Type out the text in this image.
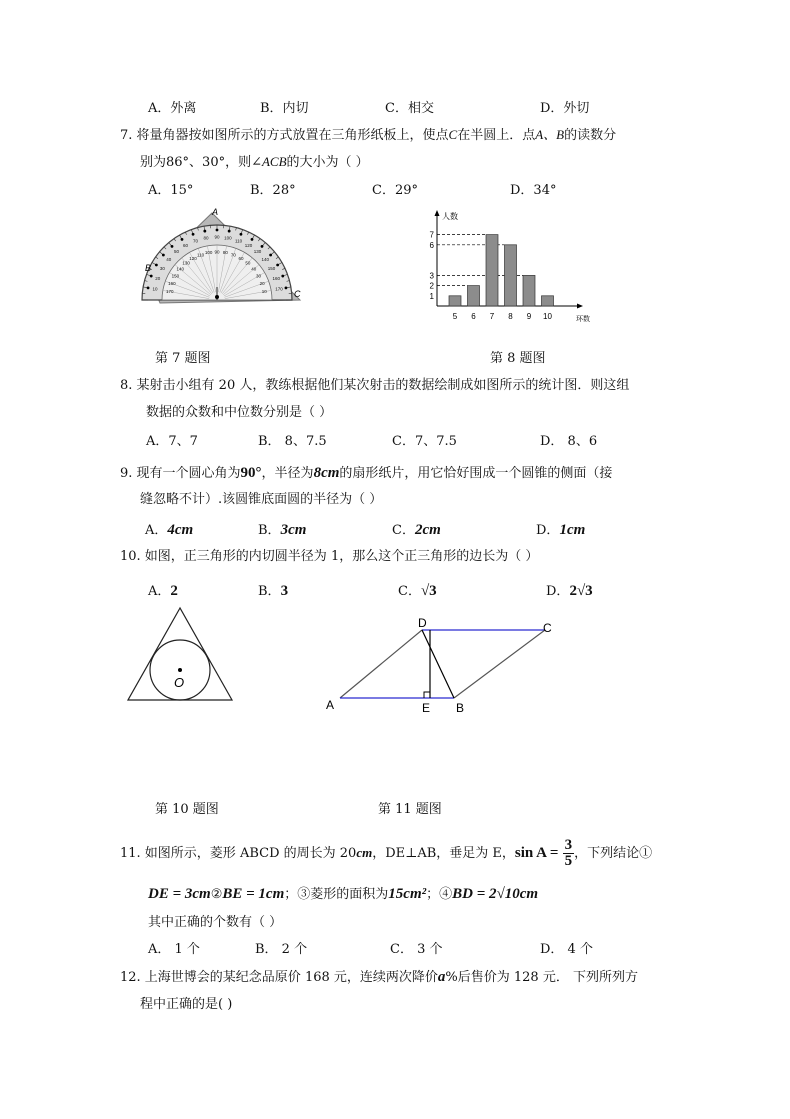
A．外离	B．内切	C．相交	D．外切
7. 将量角器按如图所示的方式放置在三角形纸板上，使点C在半圆上．点A、B的读数分
别为86°、30°，则∠ACB的大小为（ ）
A．15°	B．28°	C．29°	D．34°
10
20
30
40
50
60
70
80 90 100
110
120
130
140
150
160
170
170
160
150
140
130
120
110 100 90 80 70
60
50
40
30
20
10
A
B
C
人数
环数
1
2
3
6
7
5 6 7 8 9 10
第 7 题图	第 8 题图
8. 某射击小组有 20 人，教练根据他们某次射击的数据绘制成如图所示的统计图．则这组
数据的众数和中位数分别是（ ）
A．7、7	B． 8、7.5	C．7、7.5	D． 8、6
9. 现有一个圆心角为90°，半径为8cm的扇形纸片，用它恰好围成一个圆锥的侧面（接
缝忽略不计）.该圆锥底面圆的半径为（ ）
A．4cm	B．3cm	C．2cm	D．1cm
10. 如图，正三角形的内切圆半径为 1，那么这个正三角形的边长为（ ）
A．2	B．3	C．√3	D．2√3
O
A	B
C
D
E
第 10 题图	第 11 题图
11. 如图所示，菱形 ABCD 的周长为 20cm，DE⊥AB，垂足为 E，$\sin A = \frac{3}{5}$ ，下列结论①
DE = 3cm②BE = 1cm；③菱形的面积为15cm²；④BD = 2√10cm
其中正确的个数有（ ）
A． 1 个	B． 2 个	C． 3 个	D． 4 个
12. 上海世博会的某纪念品原价 168 元，连续两次降价a%后售价为 128 元． 下列所列方
程中正确的是( )
